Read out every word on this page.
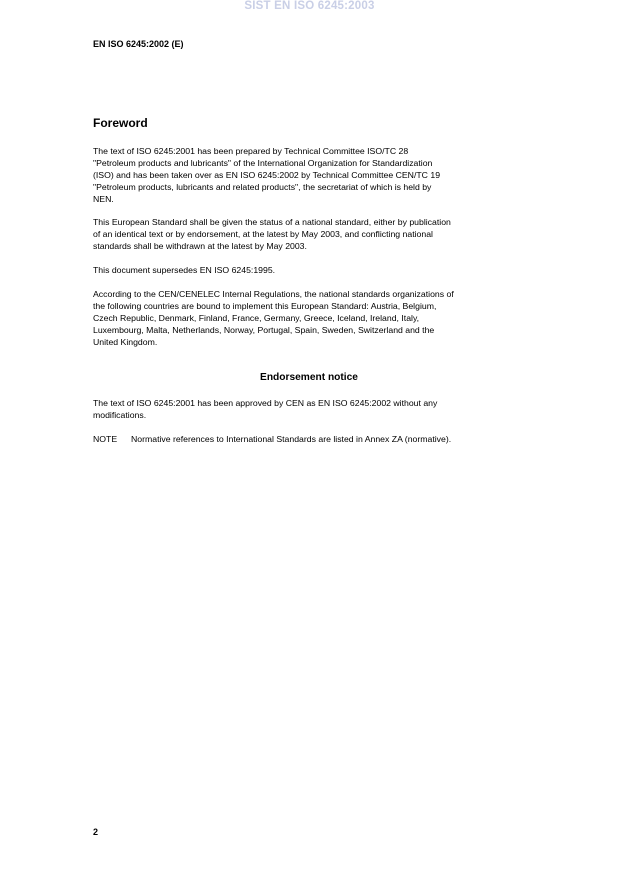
SIST EN ISO 6245:2003
EN ISO 6245:2002 (E)
Foreword

The text of ISO 6245:2001 has been prepared by Technical Committee ISO/TC 28
"Petroleum products and lubricants" of the International Organization for Standardization
(ISO) and has been taken over as EN ISO 6245:2002 by Technical Committee CEN/TC 19
"Petroleum products, lubricants and related products", the secretariat of which is held by
NEN.

This European Standard shall be given the status of a national standard, either by publication
of an identical text or by endorsement, at the latest by May 2003, and conflicting national
standards shall be withdrawn at the latest by May 2003.

This document supersedes EN ISO 6245:1995.

According to the CEN/CENELEC Internal Regulations, the national standards organizations of
the following countries are bound to implement this European Standard: Austria, Belgium,
Czech Republic, Denmark, Finland, France, Germany, Greece, Iceland, Ireland, Italy,
Luxembourg, Malta, Netherlands, Norway, Portugal, Spain, Sweden, Switzerland and the
United Kingdom.

Endorsement notice

The text of ISO 6245:2001 has been approved by CEN as EN ISO 6245:2002 without any
modifications.

NOTE Normative references to International Standards are listed in Annex ZA (normative).
2
